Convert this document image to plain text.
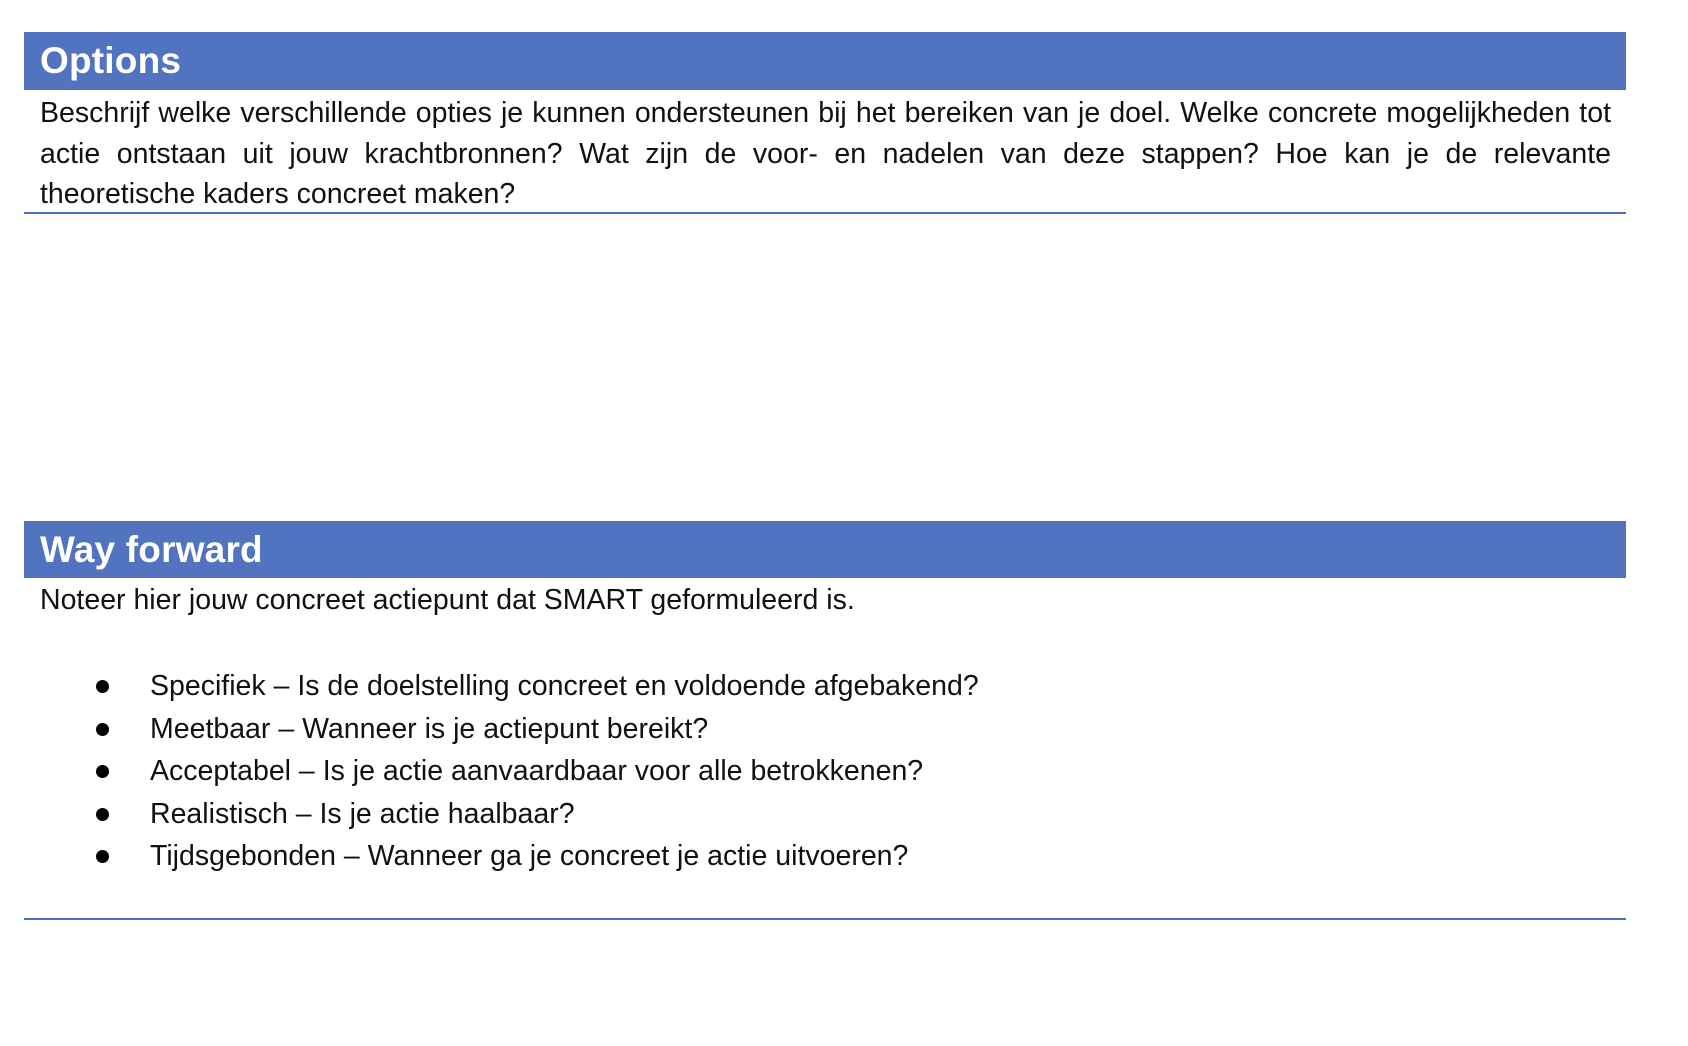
Options
Beschrijf welke verschillende opties je kunnen ondersteunen bij het bereiken van je doel. Welke concrete mogelijkheden tot actie ontstaan uit jouw krachtbronnen? Wat zijn de voor- en nadelen van deze stappen? Hoe kan je de relevante theoretische kaders concreet maken?
Way forward
Noteer hier jouw concreet actiepunt dat SMART geformuleerd is.
Specifiek – Is de doelstelling concreet en voldoende afgebakend?
Meetbaar – Wanneer is je actiepunt bereikt?
Acceptabel – Is je actie aanvaardbaar voor alle betrokkenen?
Realistisch – Is je actie haalbaar?
Tijdsgebonden – Wanneer ga je concreet je actie uitvoeren?
